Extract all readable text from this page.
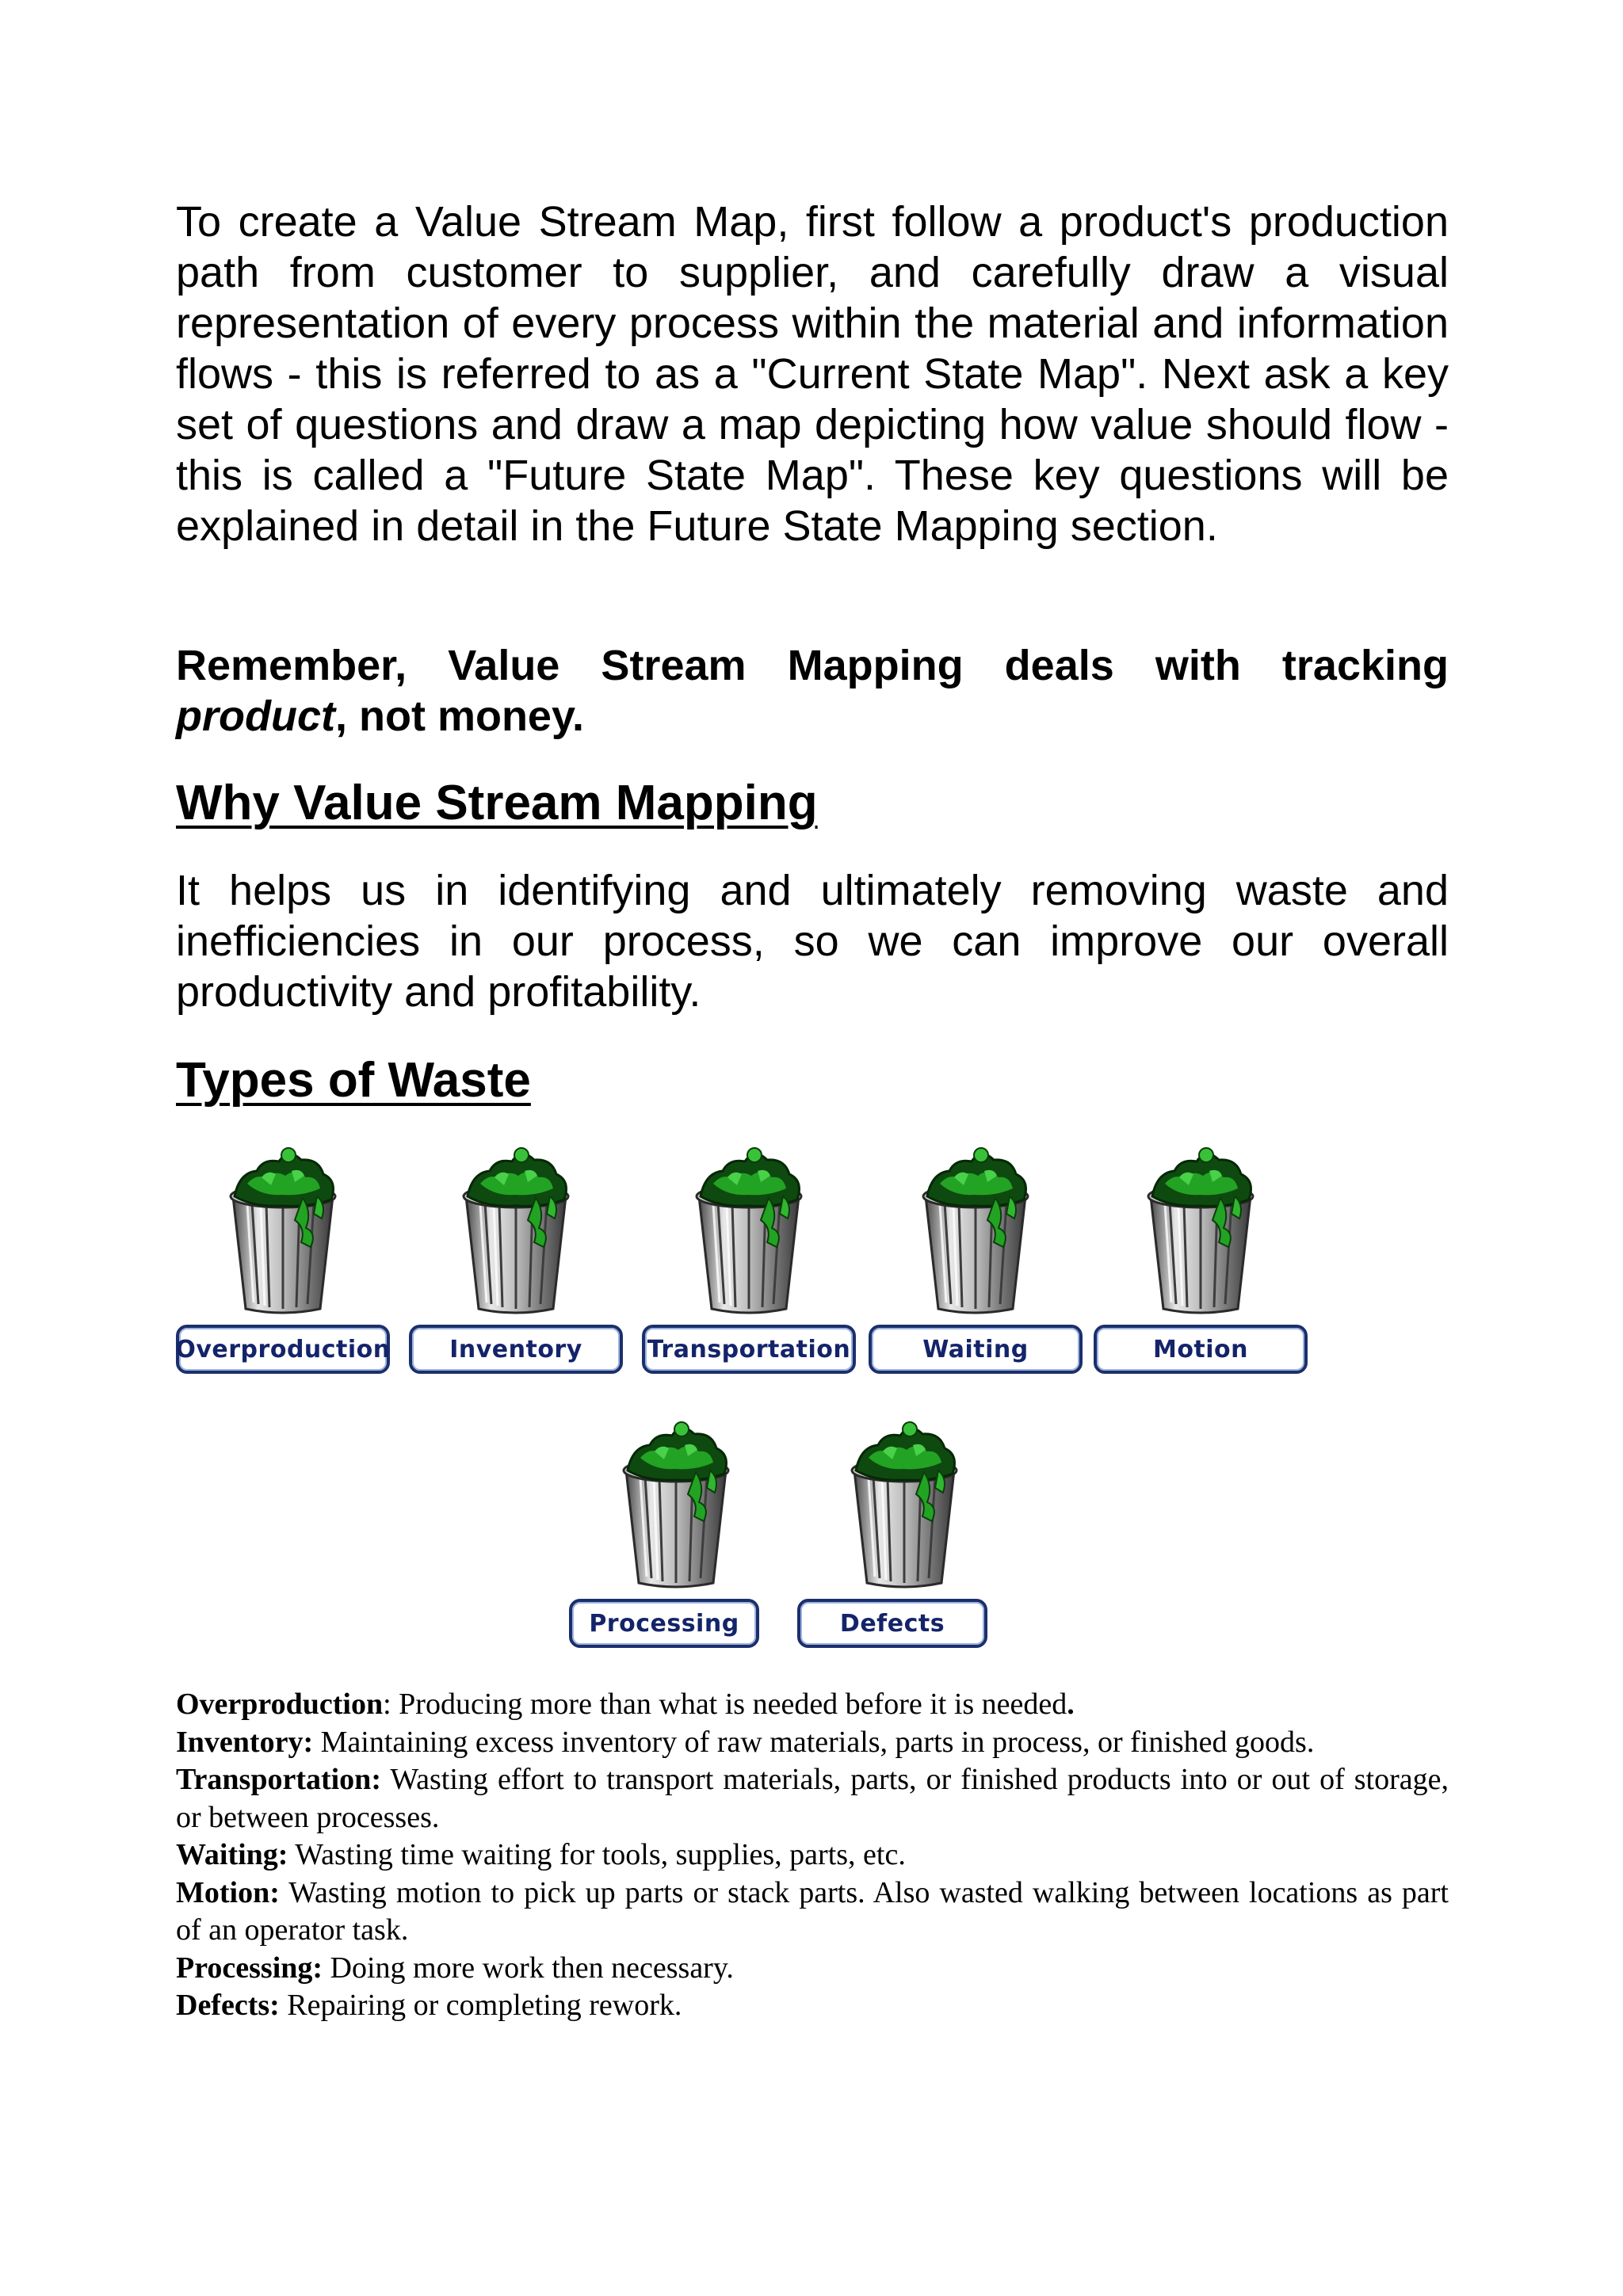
To create a Value Stream Map, first follow a product's production path from customer to supplier, and carefully draw a visual representation of every process within the material and information flows - this is referred to as a "Current State Map". Next ask a key set of questions and draw a map depicting how value should flow - this is called a "Future State Map". These key questions will be explained in detail in the Future State Mapping section.

Remember, Value Stream Mapping deals with tracking product, not money.

Why Value Stream Mapping

It helps us in identifying and ultimately removing waste and inefficiencies in our process, so we can improve our overall productivity and profitability.

Types of Waste
Overproduction	Inventory	Transportation	Waiting	Motion
Processing	Defects

Overproduction: Producing more than what is needed before it is needed.

Inventory: Maintaining excess inventory of raw materials, parts in process, or finished goods.

Transportation: Wasting effort to transport materials, parts, or finished products into or out of storage, or between processes.

Waiting: Wasting time waiting for tools, supplies, parts, etc.

Motion: Wasting motion to pick up parts or stack parts. Also wasted walking between locations as part of an operator task.

Processing: Doing more work then necessary.

Defects: Repairing or completing rework.
